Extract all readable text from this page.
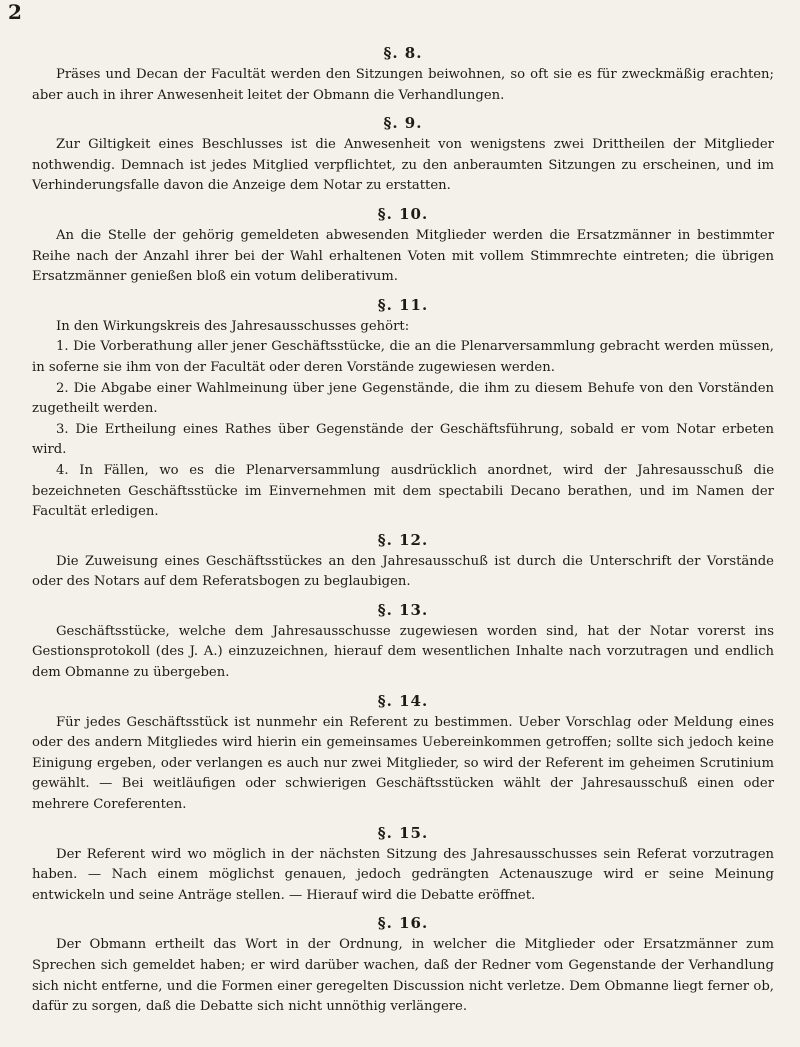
2
§. 8.

Präses und Decan der Facultät werden den Sitzungen beiwohnen, so oft sie es für zweckmäßig erachten; aber auch in ihrer Anwesenheit leitet der Obmann die Verhandlungen.

§. 9.

Zur Giltigkeit eines Beschlusses ist die Anwesenheit von wenigstens zwei Drittheilen der Mitglieder nothwendig. Demnach ist jedes Mitglied verpflichtet, zu den anberaumten Sitzungen zu erscheinen, und im Verhinderungsfalle davon die Anzeige dem Notar zu erstatten.

§. 10.

An die Stelle der gehörig gemeldeten abwesenden Mitglieder werden die Ersatzmänner in bestimmter Reihe nach der Anzahl ihrer bei der Wahl erhaltenen Voten mit vollem Stimmrechte eintreten; die übrigen Ersatzmänner genießen bloß ein votum deliberativum.

§. 11.

In den Wirkungskreis des Jahresausschusses gehört:

1. Die Vorberathung aller jener Geschäftsstücke, die an die Plenarversammlung gebracht werden müssen, in soferne sie ihm von der Facultät oder deren Vorstände zugewiesen werden.

2. Die Abgabe einer Wahlmeinung über jene Gegenstände, die ihm zu diesem Behufe von den Vorständen zugetheilt werden.

3. Die Ertheilung eines Rathes über Gegenstände der Geschäftsführung, sobald er vom Notar erbeten wird.

4. In Fällen, wo es die Plenarversammlung ausdrücklich anordnet, wird der Jahresausschuß die bezeichneten Geschäftsstücke im Einvernehmen mit dem spectabili Decano berathen, und im Namen der Facultät erledigen.

§. 12.

Die Zuweisung eines Geschäftsstückes an den Jahresausschuß ist durch die Unterschrift der Vorstände oder des Notars auf dem Referatsbogen zu beglaubigen.

§. 13.

Geschäftsstücke, welche dem Jahresausschusse zugewiesen worden sind, hat der Notar vorerst ins Gestionsprotokoll (des J. A.) einzuzeichnen, hierauf dem wesentlichen Inhalte nach vorzutragen und endlich dem Obmanne zu übergeben.

§. 14.

Für jedes Geschäftsstück ist nunmehr ein Referent zu bestimmen. Ueber Vorschlag oder Meldung eines oder des andern Mitgliedes wird hierin ein gemeinsames Uebereinkommen getroffen; sollte sich jedoch keine Einigung ergeben, oder verlangen es auch nur zwei Mitglieder, so wird der Referent im geheimen Scrutinium gewählt. — Bei weitläufigen oder schwierigen Geschäftsstücken wählt der Jahresausschuß einen oder mehrere Coreferenten.

§. 15.

Der Referent wird wo möglich in der nächsten Sitzung des Jahresausschusses sein Referat vorzutragen haben. — Nach einem möglichst genauen, jedoch gedrängten Actenauszuge wird er seine Meinung entwickeln und seine Anträge stellen. — Hierauf wird die Debatte eröffnet.

§. 16.

Der Obmann ertheilt das Wort in der Ordnung, in welcher die Mitglieder oder Ersatzmänner zum Sprechen sich gemeldet haben; er wird darüber wachen, daß der Redner vom Gegenstande der Verhandlung sich nicht entferne, und die Formen einer geregelten Discussion nicht verletze. Dem Obmanne liegt ferner ob, dafür zu sorgen, daß die Debatte sich nicht unnöthig verlängere.
